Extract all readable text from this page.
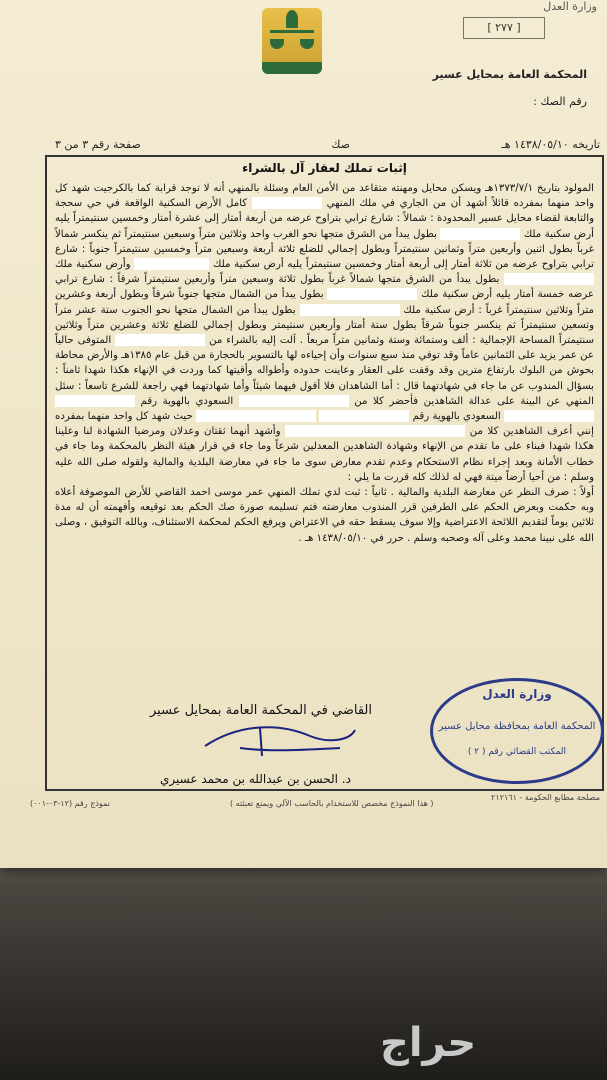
وزارة العدل
[ ٢٧٧ ]
المحكمة العامة بمحايل عسير
رقم الصك :
تاريخه ١٤٣٨/٠٥/١٠ هـ
صك
صفحة رقم ٣ من ٣
إثبات تملك لعقار آل بالشراء

المولود بتاريخ ١٣٧٣/٧/١هـ ويسكن محايل ومهنته متقاعد من الأمن العام وسئلة بالمنهي أنه لا توجد قرابة كما بالكرجيت شهد كل واحد منهما بمفرده قائلاً أشهد أن من الجاري في ملك المنهي  كامل الأرض السكنية الواقعة في حي سحجة والتابعة لقضاء محايل عسير المحدودة : شمالاً : شارع ترابي بتراوح عرضه من أربعة أمتار إلى عشرة أمتار وخمسين سنتيمتراً يليه أرض سكنية ملك  بطول يبدأ من الشرق متجها نحو الغرب واحد وثلاثين متراً وسبعين سنتيمتراً ثم ينكسر شمالاً غرباً بطول اثنين وأربعين متراً وثمانين سنتيمتراً وبطول إجمالي للضلع ثلاثة أربعة وسبعين متراً وخمسين سنتيمتراً جنوباً : شارع ترابي بتراوح عرضه من ثلاثة أمتار إلى أربعة أمتار وخمسين سنتيمتراً يليه أرض سكنية ملك  وأرض سكنية ملك  بطول يبدأ من الشرق متجها شمالاً غرباً بطول ثلاثة وسبعين متراً وأربعين سنتيمتراً شرقاً : شارع ترابي عرضه خمسة أمتار يليه أرض سكنية ملك  بطول يبدأ من الشمال متجها جنوباً شرقاً وبطول أربعة وعشرين متراً وثلاثين سنتيمتراً غرباً : أرض سكنية ملك  بطول يبدأ من الشمال متجها نحو الجنوب ستة عشر متراً وتسعين سنتيمتراً ثم ينكسر جنوباً شرقاً بطول ستة أمتار وأربعين سنتيمتر وبطول إجمالي للضلع ثلاثة وعشرين متراً وثلاثين سنتيمتراً المساحة الإجمالية : ألف وستمائة وستة وثمانين متراً مربعاً . آلت إليه بالشراء من  المتوفى حالياً عن عمر يزيد على الثمانين عاماً وقد توفي منذ سبع سنوات وأن إحياءه لها بالتسوير بالحجارة من قبل عام ١٣٨٥هـ والأرض محاطة بحوش من البلوك بارتفاع مترين وقد وقفت على العقار وعاينت حدوده وأطواله وأقيتها كما وردت في الإنهاء هكذا شهدا ثامناً : بسؤال المندوب عن ما جاء في شهادتهما قال : أما الشاهدان فلا أقول فيهما شيئاً وأما شهادتهما فهي راجعة للشرع تاسعاً : سئل المنهي عن البينة على عدالة الشاهدين فأحضر كلا من  السعودي بالهوية رقم   السعودي بالهوية رقم   حيث شهد كل واحد منهما بمفرده إنني أعرف الشاهدين كلا من  وأشهد أنهما ثقتان وعدلان ومرضيا الشهادة لنا وعلينا هكذا شهدا فبناء على ما تقدم من الإنهاء وشهادة الشاهدين المعدلين شرعاً وما جاء في قرار هيئة النظر بالمحكمة وما جاء في خطاب الأمانة وبعد إجراء نظام الاستحكام وعدم تقدم معارض سوى ما جاء في معارضة البلدية والمالية ولقوله صلى الله عليه وسلم : من أحيا أرضاً ميتة فهي له لذلك كله قررت ما يلي :

أولاً : صرف النظر عن معارضة البلدية والمالية . ثانياً : ثبت لدي تملك المنهي عمر موسى احمد القاضي للأرض الموصوفة أعلاه وبه حكمت وبعرض الحكم على الطرفين قرر المندوب معارضته فتم تسليمه صورة صك الحكم بعد توقيعه وأفهمته أن له مدة ثلاثين يوماً لتقديم اللائحة الاعتراضية وإلا سوف يسقط حقه في الاعتراض ويرفع الحكم لمحكمة الاستئناف، وبالله التوفيق ، وصلى الله على نبينا محمد وعلى آله وصحبه وسلم . حرر في ١٤٣٨/٠٥/١٠ هـ .

القاضي في المحكمة العامة بمحايل عسير
د. الحسن بن عبدالله بن محمد عسيري
وزارة العدل
المحكمة العامة بمحافظة محايل عسير
المكتب القضائي رقم ( ٢ )
مصلحة مطابع الحكومة - ٢١٢١٦١
( هذا النموذج مخصص للاستخدام بالحاسب الآلي ويمنع تعبئته )
نموذج رقم (١٢-٠٣-٠٠١)
حراج
